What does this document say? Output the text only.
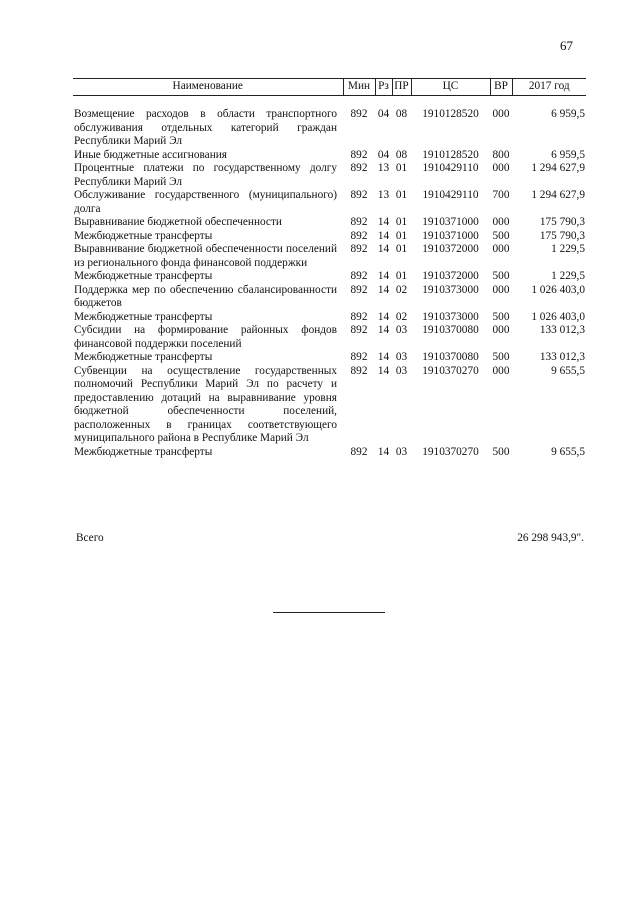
67
Наименование	Мин	Рз	ПР	ЦС	ВР	2017 год

Возмещение расходов в области транспортного обслуживания отдельных категорий граждан Республики Марий Эл	892	04	08	1910128520	000	6 959,5
Иные бюджетные ассигнования	892	04	08	1910128520	800	6 959,5
Процентные платежи по государственному долгу Республики Марий Эл	892	13	01	1910429110	000	1 294 627,9
Обслуживание государственного (муниципального) долга	892	13	01	1910429110	700	1 294 627,9
Выравнивание бюджетной обеспеченности	892	14	01	1910371000	000	175 790,3
Межбюджетные трансферты	892	14	01	1910371000	500	175 790,3
Выравнивание бюджетной обеспеченности поселений из регионального фонда финансовой поддержки	892	14	01	1910372000	000	1 229,5
Межбюджетные трансферты	892	14	01	1910372000	500	1 229,5
Поддержка мер по обеспечению сбалансированности бюджетов	892	14	02	1910373000	000	1 026 403,0
Межбюджетные трансферты	892	14	02	1910373000	500	1 026 403,0
Субсидии на формирование районных фондов финансовой поддержки поселений	892	14	03	1910370080	000	133 012,3
Межбюджетные трансферты	892	14	03	1910370080	500	133 012,3
Субвенции на осуществление государственных полномочий Республики Марий Эл по расчету и предоставлению дотаций на выравнивание уровня бюджетной обеспеченности поселений, расположенных в границах соответствующего муниципального района в Республике Марий Эл	892	14	03	1910370270	000	9 655,5
Межбюджетные трансферты	892	14	03	1910370270	500	9 655,5
Всего	26 298 943,9".
